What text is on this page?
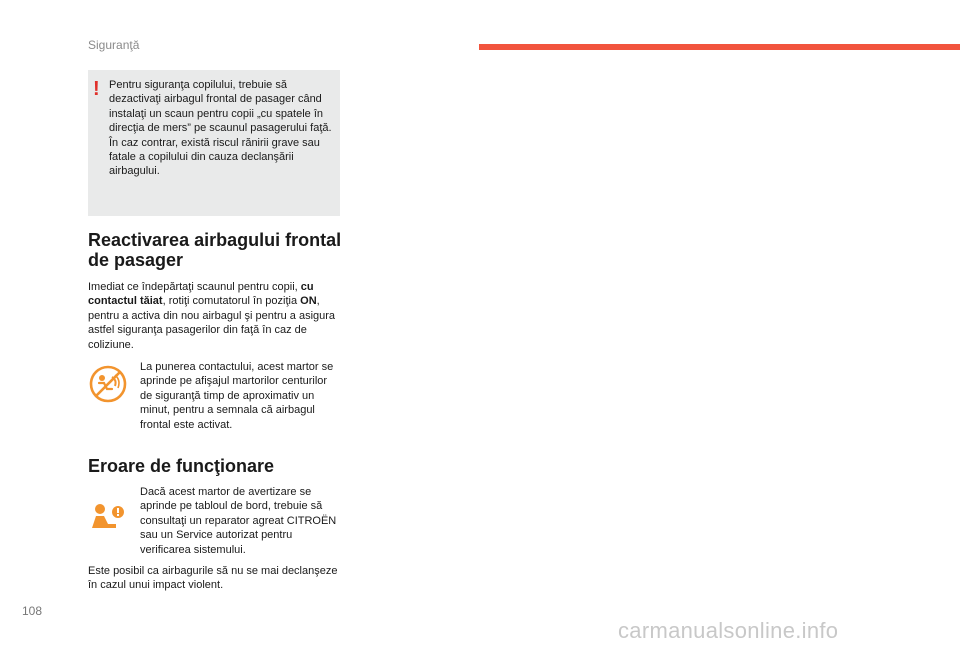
Siguranţă
! Pentru siguranţa copilului, trebuie să dezactivaţi airbagul frontal de pasager când instalaţi un scaun pentru copii „cu spatele în direcţia de mers” pe scaunul pasagerului faţă.
În caz contrar, există riscul rănirii grave sau fatale a copilului din cauza declanşării airbagului.
Reactivarea airbagului frontal de pasager
Imediat ce îndepărtaţi scaunul pentru copii, cu contactul tăiat, rotiţi comutatorul în poziţia ON, pentru a activa din nou airbagul şi pentru a asigura astfel siguranţa pasagerilor din faţă în caz de coliziune.
La punerea contactului, acest martor se aprinde pe afişajul martorilor centurilor de siguranţă timp de aproximativ un minut, pentru a semnala că airbagul frontal este activat.
Eroare de funcţionare
Dacă acest martor de avertizare se aprinde pe tabloul de bord, trebuie să consultaţi un reparator agreat CITROËN sau un Service autorizat pentru verificarea sistemului.
Este posibil ca airbagurile să nu se mai declanşeze în cazul unui impact violent.
108
carmanualsonline.info
